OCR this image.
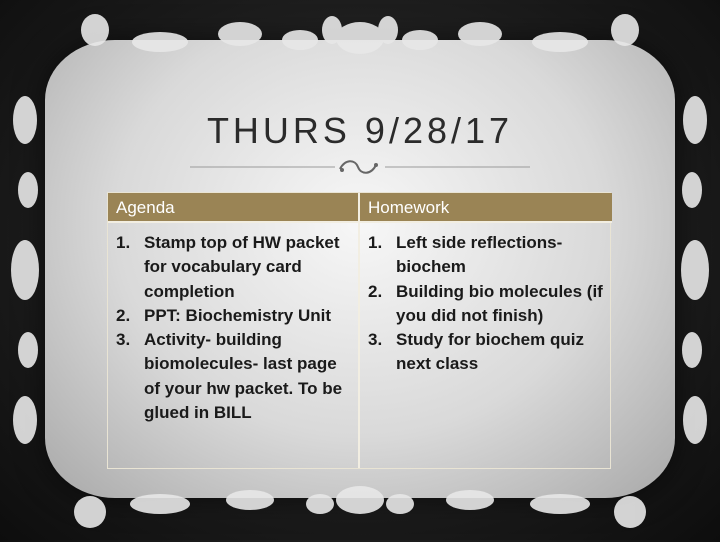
THURS 9/28/17
Agenda
1. Stamp top of HW packet for vocabulary card completion
2. PPT: Biochemistry Unit
3. Activity- building biomolecules- last page of your hw packet. To be glued in BILL
Homework
1. Left side reflections- biochem
2. Building bio molecules (if you did not finish)
3. Study for biochem quiz next class
